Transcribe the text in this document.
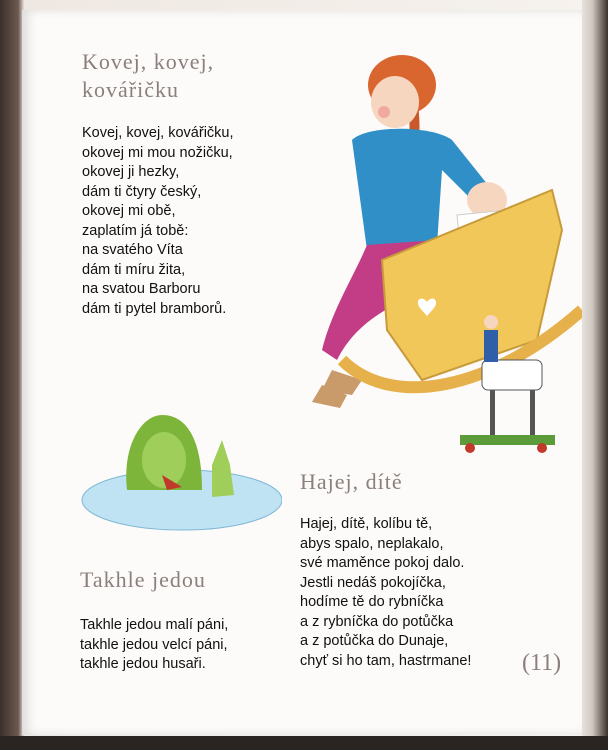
Kovej, kovej,
kovářičku
Kovej, kovej, kovářičku,
okovej mi mou nožičku,
okovej ji hezky,
dám ti čtyry český,
okovej mi obě,
zaplatím já tobě:
na svatého Víta
dám ti míru žita,
na svatou Barboru
dám ti pytel bramborů.
Takhle jedou
Takhle jedou malí páni,
takhle jedou velcí páni,
takhle jedou husaři.
Hajej, dítě
Hajej, dítě, kolíbu tě,
abys spalo, neplakalo,
své maměnce pokoj dalo.
Jestli nedáš pokojíčka,
hodíme tě do rybníčka
a z rybníčka do potůčka
a z potůčka do Dunaje,
chyť si ho tam, hastrmane! (11)
